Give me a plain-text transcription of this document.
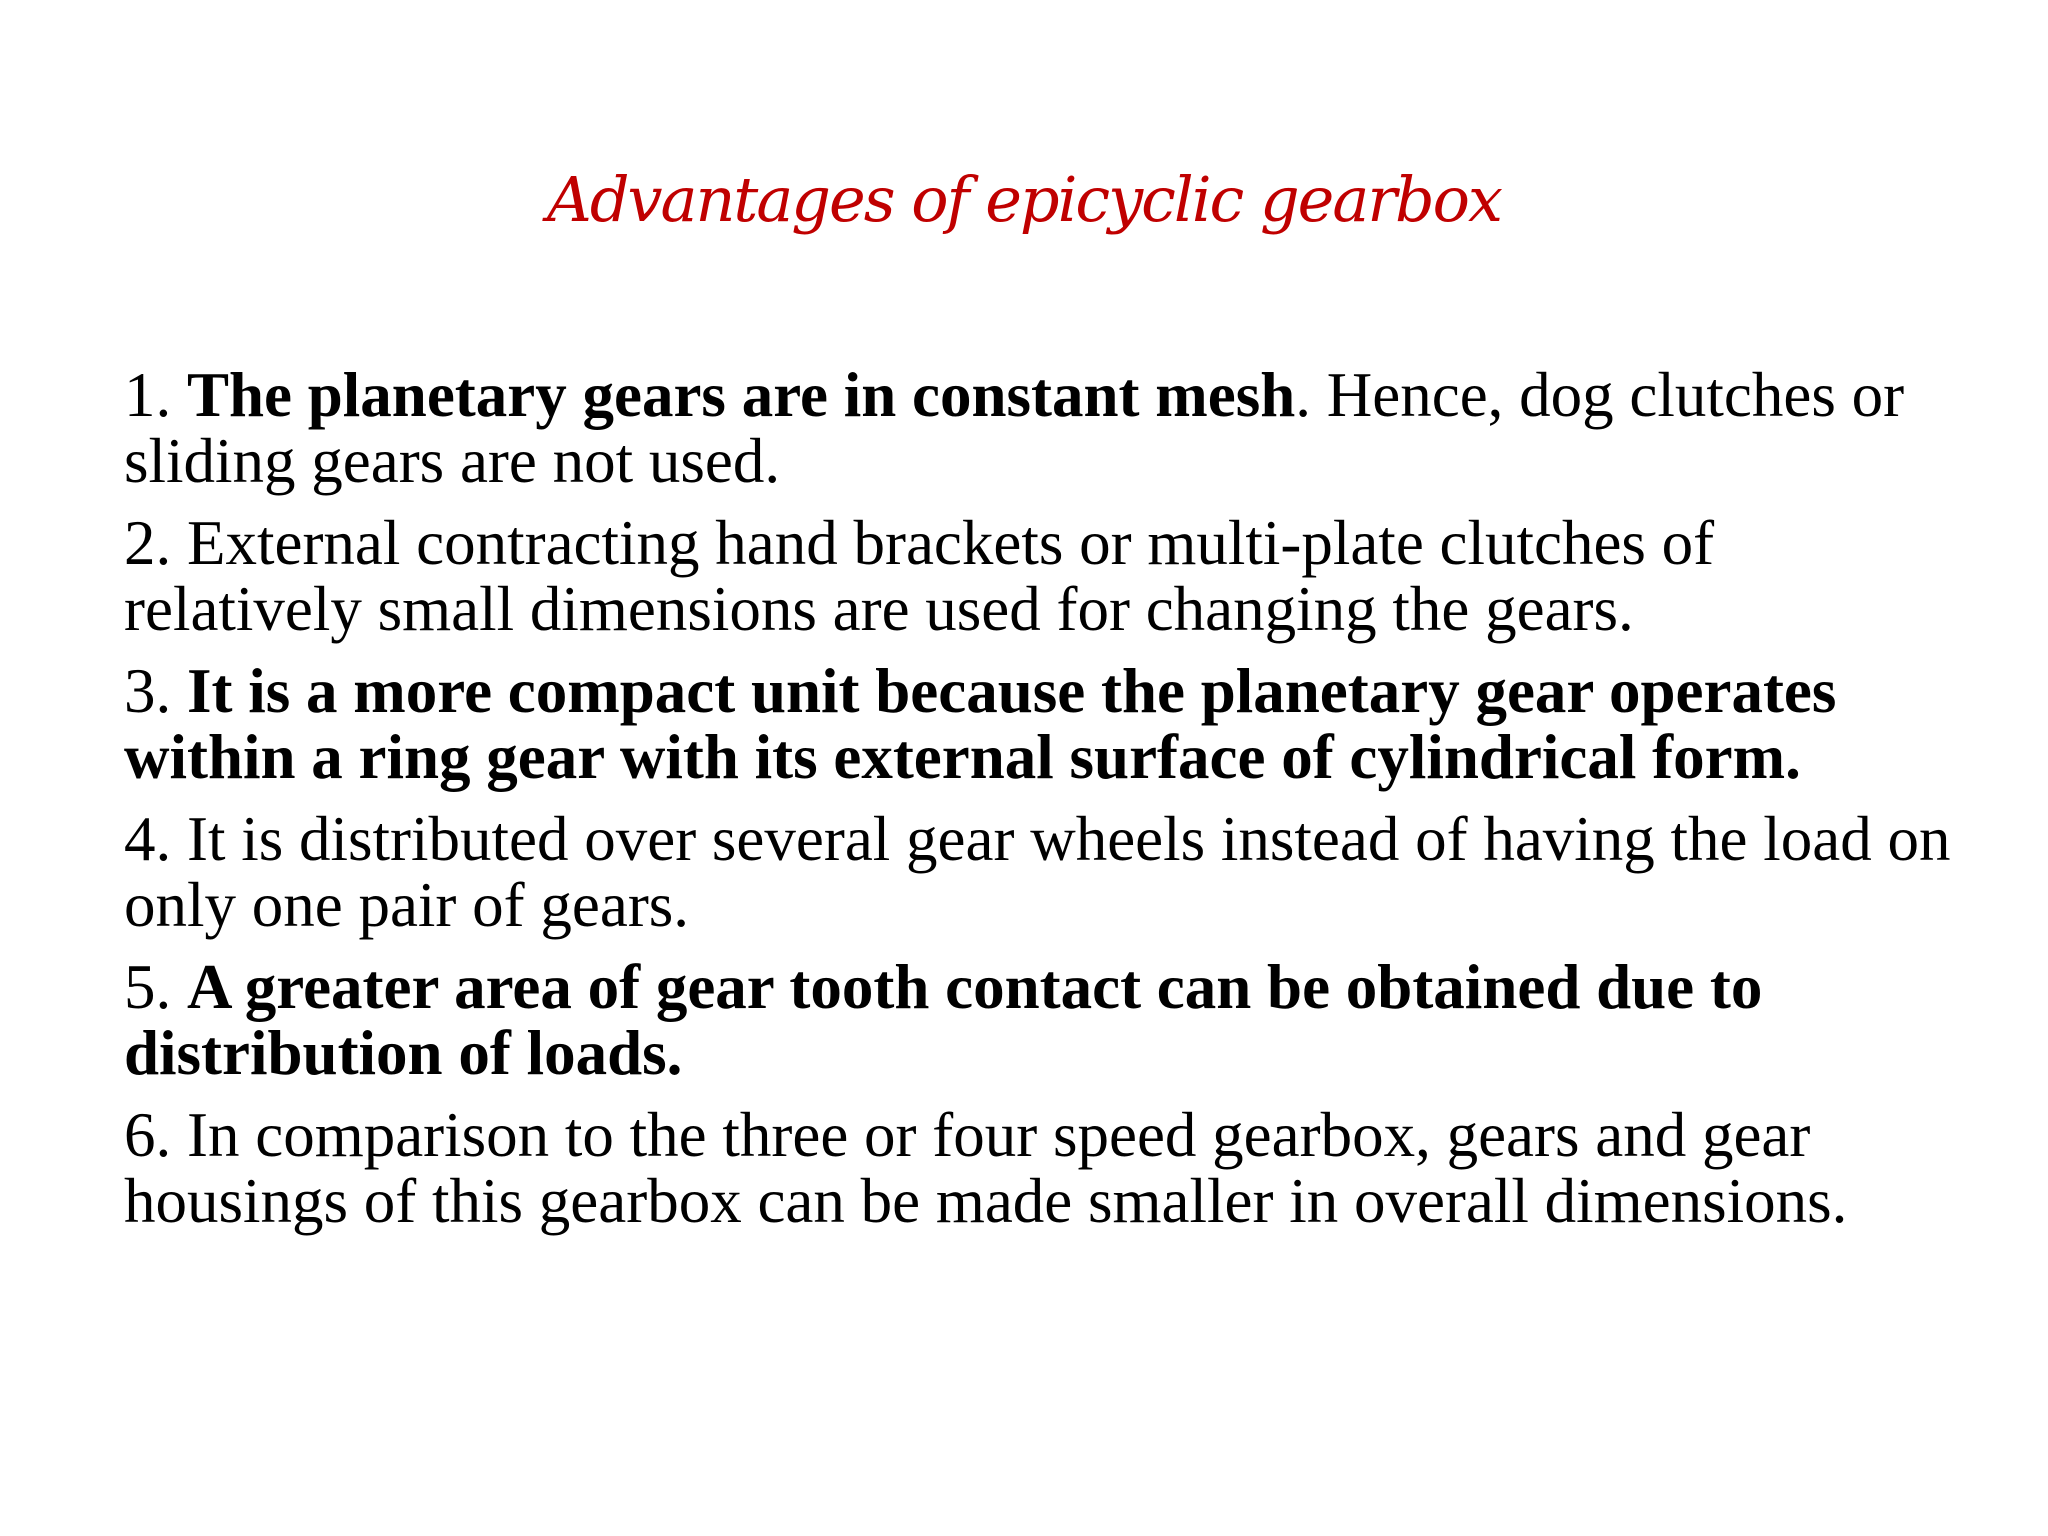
Advantages of epicyclic gearbox

1. The planetary gears are in constant mesh. Hence, dog clutches or sliding gears are not used.

2. External contracting hand brackets or multi-plate clutches of relatively small dimensions are used for changing the gears.

3. It is a more compact unit because the planetary gear operates within a ring gear with its external surface of cylindrical form.

4. It is distributed over several gear wheels instead of having the load on only one pair of gears.

5. A greater area of gear tooth contact can be obtained due to distribution of loads.

6. In comparison to the three or four speed gearbox, gears and gear housings of this gearbox can be made smaller in overall dimensions.
